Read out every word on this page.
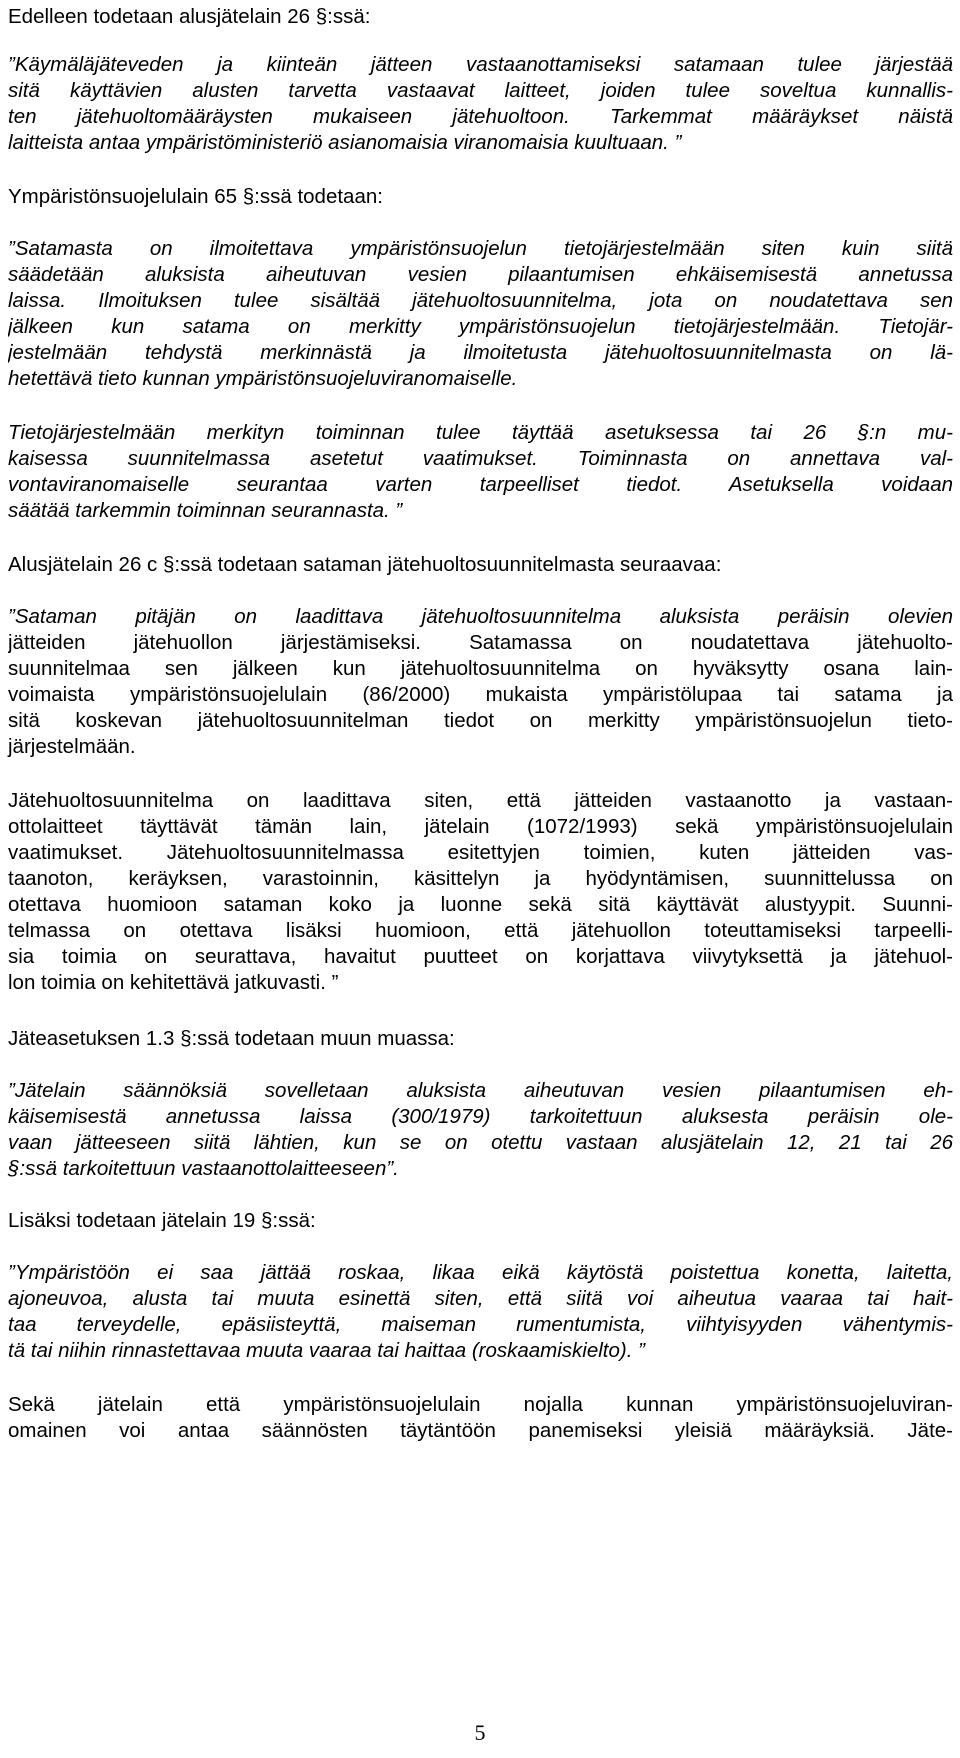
Edelleen todetaan alusjätelain 26 §:ssä:
”Käymäläjäteveden ja kiinteän jätteen vastaanottamiseksi satamaan tulee järjestää
sitä käyttävien alusten tarvetta vastaavat laitteet, joiden tulee soveltua kunnallis-
ten jätehuoltomääräysten mukaiseen jätehuoltoon. Tarkemmat määräykset näistä
laitteista antaa ympäristöministeriö asianomaisia viranomaisia kuultuaan. ”
Ympäristönsuojelulain 65 §:ssä todetaan:
”Satamasta on ilmoitettava ympäristönsuojelun tietojärjestelmään siten kuin siitä
säädetään aluksista aiheutuvan vesien pilaantumisen ehkäisemisestä annetussa
laissa. Ilmoituksen tulee sisältää jätehuoltosuunnitelma, jota on noudatettava sen
jälkeen kun satama on merkitty ympäristönsuojelun tietojärjestelmään. Tietojär-
jestelmään tehdystä merkinnästä ja ilmoitetusta jätehuoltosuunnitelmasta on lä-
hetettävä tieto kunnan ympäristönsuojeluviranomaiselle.
Tietojärjestelmään merkityn toiminnan tulee täyttää asetuksessa tai 26 §:n mu-
kaisessa suunnitelmassa asetetut vaatimukset. Toiminnasta on annettava val-
vontaviranomaiselle seurantaa varten tarpeelliset tiedot. Asetuksella voidaan
säätää tarkemmin toiminnan seurannasta. ”
Alusjätelain 26 c §:ssä todetaan sataman jätehuoltosuunnitelmasta seuraavaa:
”Sataman pitäjän on laadittava jätehuoltosuunnitelma aluksista peräisin olevien
jätteiden jätehuollon järjestämiseksi. Satamassa on noudatettava jätehuolto-
suunnitelmaa sen jälkeen kun jätehuoltosuunnitelma on hyväksytty osana lain-
voimaista ympäristönsuojelulain (86/2000) mukaista ympäristölupaa tai satama ja
sitä koskevan jätehuoltosuunnitelman tiedot on merkitty ympäristönsuojelun tieto-
järjestelmään.
Jätehuoltosuunnitelma on laadittava siten, että jätteiden vastaanotto ja vastaan-
ottolaitteet täyttävät tämän lain, jätelain (1072/1993) sekä ympäristönsuojelulain
vaatimukset. Jätehuoltosuunnitelmassa esitettyjen toimien, kuten jätteiden vas-
taanoton, keräyksen, varastoinnin, käsittelyn ja hyödyntämisen, suunnittelussa on
otettava huomioon sataman koko ja luonne sekä sitä käyttävät alustyypit. Suunni-
telmassa on otettava lisäksi huomioon, että jätehuollon toteuttamiseksi tarpeelli-
sia toimia on seurattava, havaitut puutteet on korjattava viivytyksettä ja jätehuol-
lon toimia on kehitettävä jatkuvasti. ”
Jäteasetuksen 1.3 §:ssä todetaan muun muassa:
”Jätelain säännöksiä sovelletaan aluksista aiheutuvan vesien pilaantumisen eh-
käisemisestä annetussa laissa (300/1979) tarkoitettuun aluksesta peräisin ole-
vaan jätteeseen siitä lähtien, kun se on otettu vastaan alusjätelain 12, 21 tai 26
§:ssä tarkoitettuun vastaanottolaitteeseen”.
Lisäksi todetaan jätelain 19 §:ssä:
”Ympäristöön ei saa jättää roskaa, likaa eikä käytöstä poistettua konetta, laitetta,
ajoneuvoa, alusta tai muuta esinettä siten, että siitä voi aiheutua vaaraa tai hait-
taa terveydelle, epäsiisteyttä, maiseman rumentumista, viihtyisyyden vähentymis-
tä tai niihin rinnastettavaa muuta vaaraa tai haittaa (roskaamiskielto). ”
Sekä jätelain että ympäristönsuojelulain nojalla kunnan ympäristönsuojeluviran-
omainen voi antaa säännösten täytäntöön panemiseksi yleisiä määräyksiä. Jäte-
5
